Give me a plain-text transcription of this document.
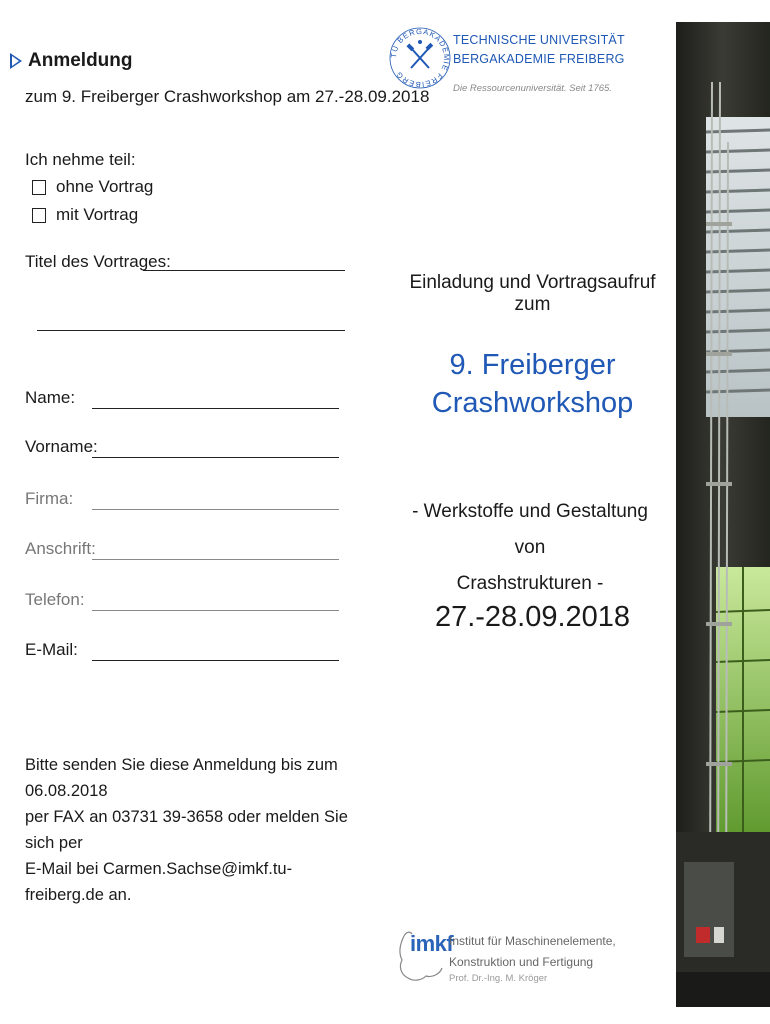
Anmeldung
zum 9. Freiberger Crashworkshop am 27.-28.09.2018
Ich nehme teil:
ohne Vortrag
mit Vortrag
Titel des Vortrages:
Name:
Vorname:
Firma:
Anschrift:
Telefon:
E-Mail:
Bitte senden Sie diese Anmeldung bis zum 06.08.2018
per FAX an 03731 39-3658 oder melden Sie sich per
E-Mail bei Carmen.Sachse@imkf.tu-freiberg.de an.
TU BERGAKADEMIE FREIBERG
TECHNISCHE UNIVERSITÄT
BERGAKADEMIE FREIBERG
Die Ressourcenuniversität. Seit 1765.
Einladung und Vortragsaufruf zum
9. Freiberger
Crashworkshop
- Werkstoffe und Gestaltung von
Crashstrukturen -
27.-28.09.2018
imkf
Institut für Maschinenelemente,
Konstruktion und Fertigung
Prof. Dr.-Ing. M. Kröger
